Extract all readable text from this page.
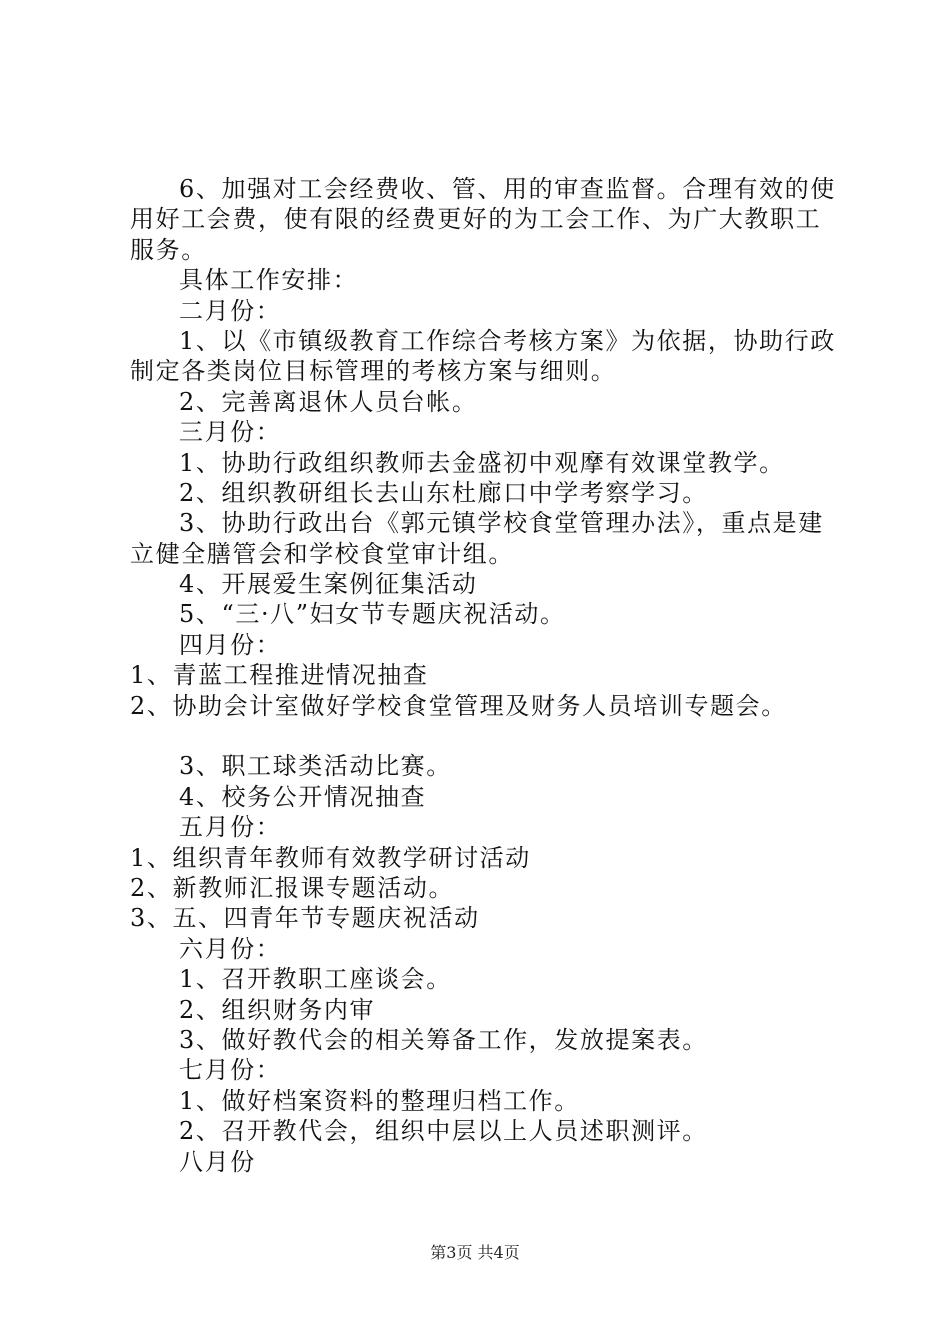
6、加强对工会经费收、管、用的审查监督。合理有效的使
用好工会费，使有限的经费更好的为工会工作、为广大教职工
服务。
具体工作安排：
二月份：
1、以《市镇级教育工作综合考核方案》为依据，协助行政
制定各类岗位目标管理的考核方案与细则。
2、完善离退休人员台帐。
三月份：
1、协助行政组织教师去金盛初中观摩有效课堂教学。
2、组织教研组长去山东杜廊口中学考察学习。
3、协助行政出台《郭元镇学校食堂管理办法》，重点是建
立健全膳管会和学校食堂审计组。
4、开展爱生案例征集活动
5、“三·八”妇女节专题庆祝活动。
四月份：
1、青蓝工程推进情况抽查
2、协助会计室做好学校食堂管理及财务人员培训专题会。
3、职工球类活动比赛。
4、校务公开情况抽查
五月份：
1、组织青年教师有效教学研讨活动
2、新教师汇报课专题活动。
3、五、四青年节专题庆祝活动
六月份：
1、召开教职工座谈会。
2、组织财务内审
3、做好教代会的相关筹备工作，发放提案表。
七月份：
1、做好档案资料的整理归档工作。
2、召开教代会，组织中层以上人员述职测评。
八月份
第3页 共4页
